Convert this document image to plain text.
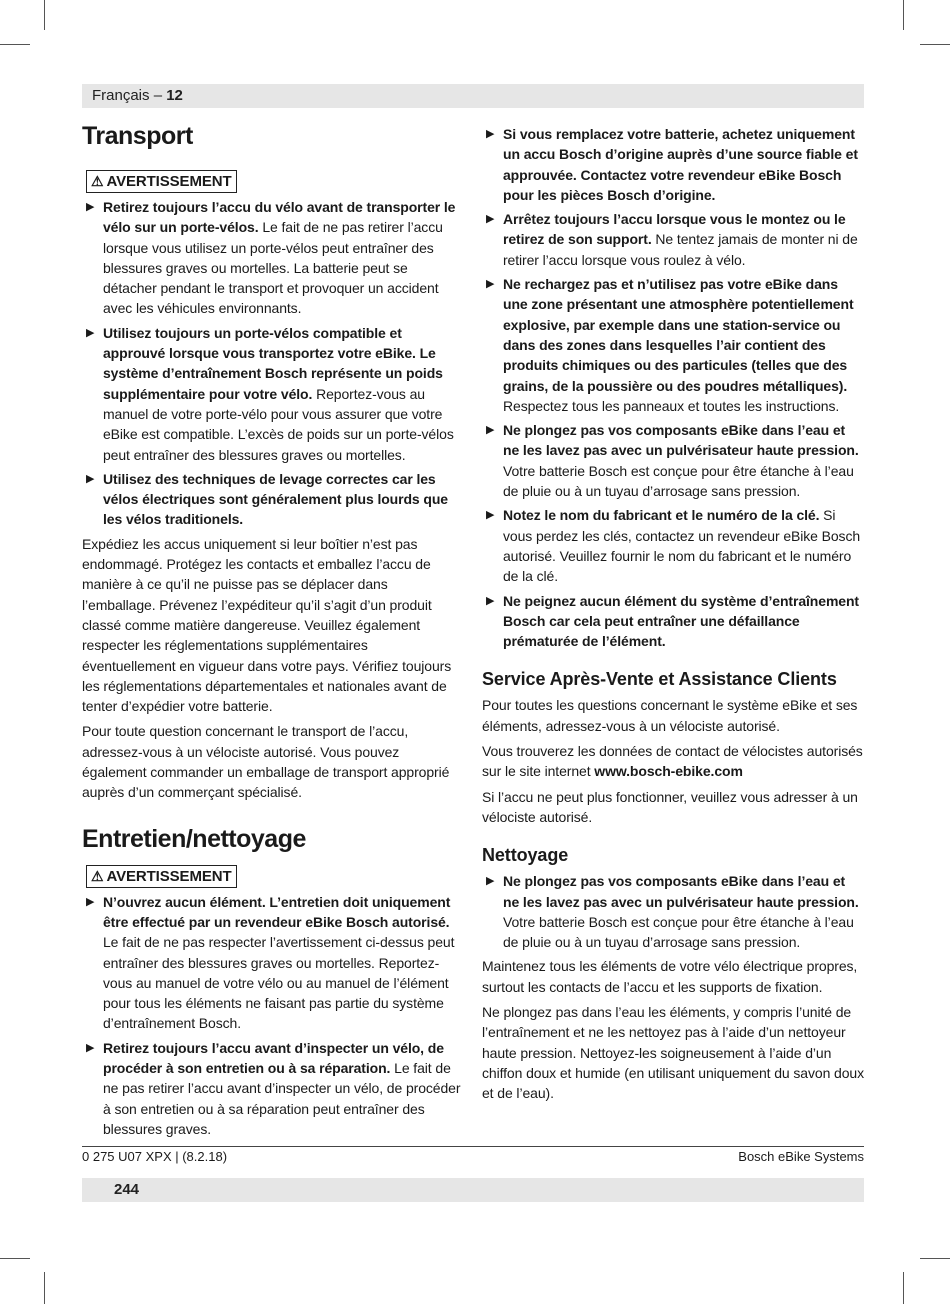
Français – 12
Transport
⚠ AVERTISSEMENT
▶ Retirez toujours l’accu du vélo avant de transporter le vélo sur un porte-vélos. Le fait de ne pas retirer l’accu lorsque vous utilisez un porte-vélos peut entraîner des blessures graves ou mortelles. La batterie peut se détacher pendant le transport et provoquer un accident avec les véhicules environnants.
▶ Utilisez toujours un porte-vélos compatible et approuvé lorsque vous transportez votre eBike. Le système d’entraînement Bosch représente un poids supplémentaire pour votre vélo. Reportez-vous au manuel de votre porte-vélo pour vous assurer que votre eBike est compatible. L’excès de poids sur un porte-vélos peut entraîner des blessures graves ou mortelles.
▶ Utilisez des techniques de levage correctes car les vélos électriques sont généralement plus lourds que les vélos traditionels.

Expédiez les accus uniquement si leur boîtier n’est pas endommagé. Protégez les contacts et emballez l’accu de manière à ce qu’il ne puisse pas se déplacer dans l’emballage. Prévenez l’expéditeur qu’il s’agit d’un produit classé comme matière dangereuse. Veuillez également respecter les réglementations supplémentaires éventuellement en vigueur dans votre pays. Vérifiez toujours les réglementations départementales et nationales avant de tenter d’expédier votre batterie.

Pour toute question concernant le transport de l’accu, adressez-vous à un vélociste autorisé. Vous pouvez également commander un emballage de transport approprié auprès d’un commerçant spécialisé.

Entretien/nettoyage
⚠ AVERTISSEMENT
▶ N’ouvrez aucun élément. L’entretien doit uniquement être effectué par un revendeur eBike Bosch autorisé. Le fait de ne pas respecter l’avertissement ci-dessus peut entraîner des blessures graves ou mortelles. Reportez-vous au manuel de votre vélo ou au manuel de l’élément pour tous les éléments ne faisant pas partie du système d’entraînement Bosch.
▶ Retirez toujours l’accu avant d’inspecter un vélo, de procéder à son entretien ou à sa réparation. Le fait de ne pas retirer l’accu avant d’inspecter un vélo, de procéder à son entretien ou à sa réparation peut entraîner des blessures graves.
▶ Si vous remplacez votre batterie, achetez uniquement un accu Bosch d’origine auprès d’une source fiable et approuvée. Contactez votre revendeur eBike Bosch pour les pièces Bosch d’origine.
▶ Arrêtez toujours l’accu lorsque vous le montez ou le retirez de son support. Ne tentez jamais de monter ni de retirer l’accu lorsque vous roulez à vélo.
▶ Ne rechargez pas et n’utilisez pas votre eBike dans une zone présentant une atmosphère potentiellement explosive, par exemple dans une station-service ou dans des zones dans lesquelles l’air contient des produits chimiques ou des particules (telles que des grains, de la poussière ou des poudres métalliques). Respectez tous les panneaux et toutes les instructions.
▶ Ne plongez pas vos composants eBike dans l’eau et ne les lavez pas avec un pulvérisateur haute pression. Votre batterie Bosch est conçue pour être étanche à l’eau de pluie ou à un tuyau d’arrosage sans pression.
▶ Notez le nom du fabricant et le numéro de la clé. Si vous perdez les clés, contactez un revendeur eBike Bosch autorisé. Veuillez fournir le nom du fabricant et le numéro de la clé.
▶ Ne peignez aucun élément du système d’entraînement Bosch car cela peut entraîner une défaillance prématurée de l’élément.
Service Après-Vente et Assistance Clients

Pour toutes les questions concernant le système eBike et ses éléments, adressez-vous à un vélociste autorisé.

Vous trouverez les données de contact de vélocistes autorisés sur le site internet www.bosch-ebike.com

Si l’accu ne peut plus fonctionner, veuillez vous adresser à un vélociste autorisé.

Nettoyage
▶ Ne plongez pas vos composants eBike dans l’eau et ne les lavez pas avec un pulvérisateur haute pression. Votre batterie Bosch est conçue pour être étanche à l’eau de pluie ou à un tuyau d’arrosage sans pression.

Maintenez tous les éléments de votre vélo électrique propres, surtout les contacts de l’accu et les supports de fixation.

Ne plongez pas dans l’eau les éléments, y compris l’unité de l’entraînement et ne les nettoyez pas à l’aide d’un nettoyeur haute pression. Nettoyez-les soigneusement à l’aide d’un chiffon doux et humide (en utilisant uniquement du savon doux et de l’eau).

0 275 U07 XPX | (8.2.18)	Bosch eBike Systems
244
